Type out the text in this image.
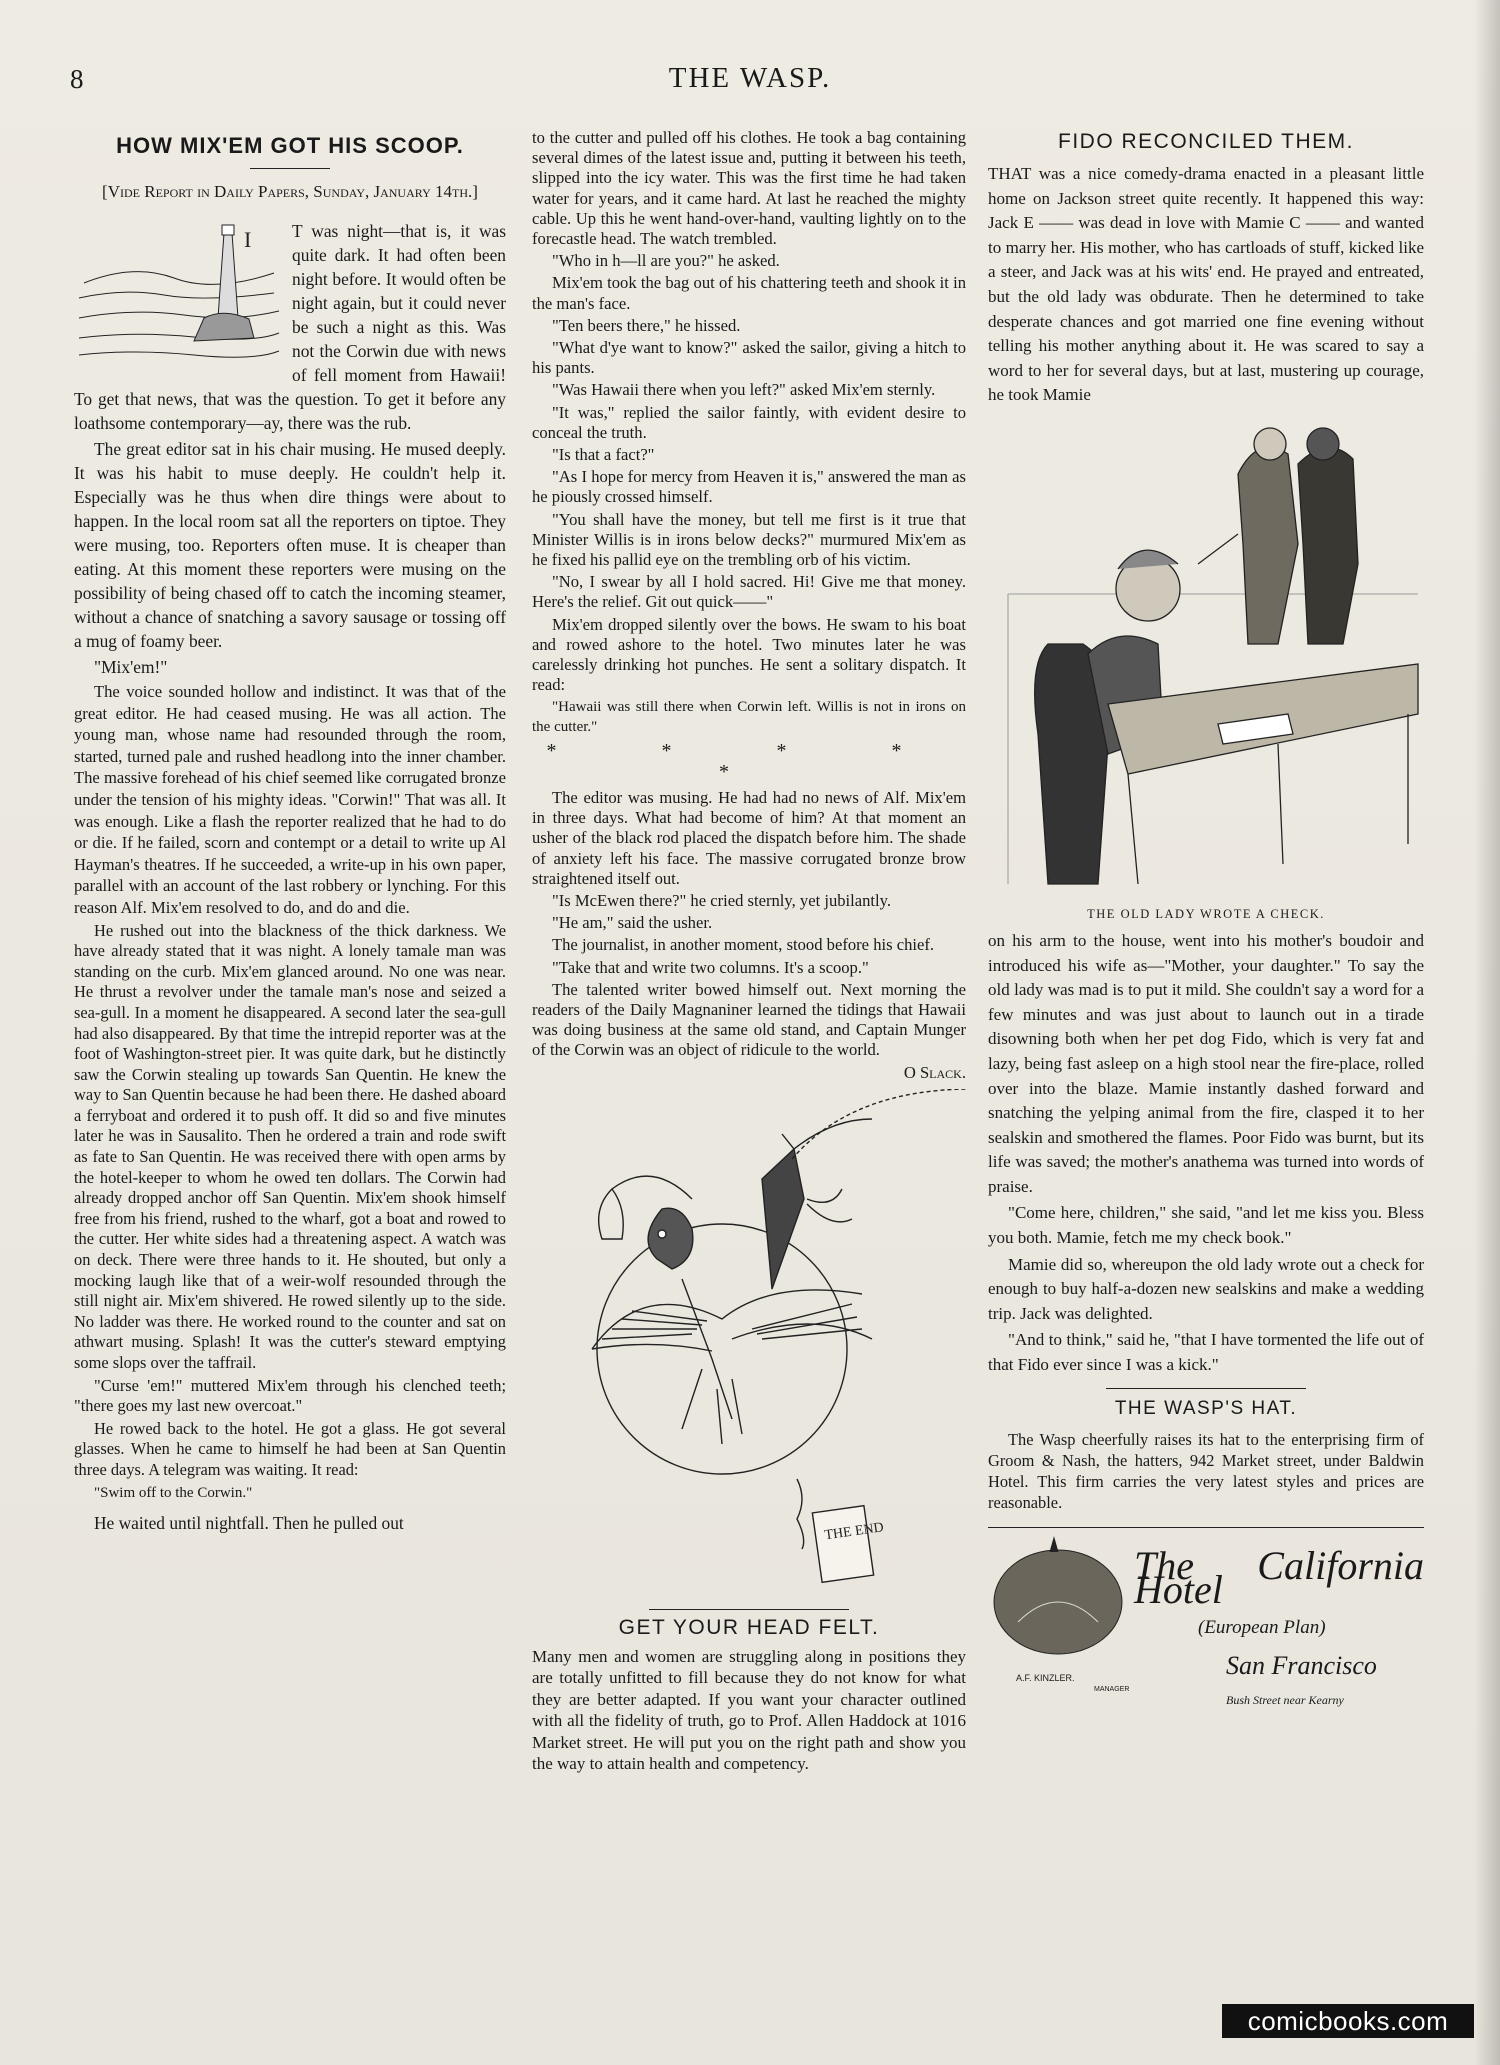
8	THE WASP.
HOW MIX'EM GOT HIS SCOOP.
[Vide Report in Daily Papers, Sunday, January 14th.]
I	T was night—that is, it was quite dark. It had often been night before. It would often be night again, but it could never be such a night as this. Was not the Corwin due with news of fell moment from Hawaii! To get that news, that was the question. To get it before any loathsome contemporary—ay, there was the rub.

The great editor sat in his chair musing. He mused deeply. It was his habit to muse deeply. He couldn't help it. Especially was he thus when dire things were about to happen. In the local room sat all the reporters on tiptoe. They were musing, too. Reporters often muse. It is cheaper than eating. At this moment these reporters were musing on the possibility of being chased off to catch the incoming steamer, without a chance of snatching a savory sausage or tossing off a mug of foamy beer.

"Mix'em!"

The voice sounded hollow and indistinct. It was that of the great editor. He had ceased musing. He was all action. The young man, whose name had resounded through the room, started, turned pale and rushed headlong into the inner chamber. The massive forehead of his chief seemed like corrugated bronze under the tension of his mighty ideas. "Corwin!" That was all. It was enough. Like a flash the reporter realized that he had to do or die. If he failed, scorn and contempt or a detail to write up Al Hayman's theatres. If he succeeded, a write-up in his own paper, parallel with an account of the last robbery or lynching. For this reason Alf. Mix'em resolved to do, and do and die.

He rushed out into the blackness of the thick darkness. We have already stated that it was night. A lonely tamale man was standing on the curb. Mix'em glanced around. No one was near. He thrust a revolver under the tamale man's nose and seized a sea-gull. In a moment he disappeared. A second later the sea-gull had also disappeared. By that time the intrepid reporter was at the foot of Washington-street pier. It was quite dark, but he distinctly saw the Corwin stealing up towards San Quentin. He knew the way to San Quentin because he had been there. He dashed aboard a ferryboat and ordered it to push off. It did so and five minutes later he was in Sausalito. Then he ordered a train and rode swift as fate to San Quentin. He was received there with open arms by the hotel-keeper to whom he owed ten dollars. The Corwin had already dropped anchor off San Quentin. Mix'em shook himself free from his friend, rushed to the wharf, got a boat and rowed to the cutter. Her white sides had a threatening aspect. A watch was on deck. There were three hands to it. He shouted, but only a mocking laugh like that of a weir-wolf resounded through the still night air. Mix'em shivered. He rowed silently up to the side. No ladder was there. He worked round to the counter and sat on athwart musing. Splash! It was the cutter's steward emptying some slops over the taffrail.

"Curse 'em!" muttered Mix'em through his clenched teeth; "there goes my last new overcoat."

He rowed back to the hotel. He got a glass. He got several glasses. When he came to himself he had been at San Quentin three days. A telegram was waiting. It read:

"Swim off to the Corwin."

He waited until nightfall. Then he pulled out

to the cutter and pulled off his clothes. He took a bag containing several dimes of the latest issue and, putting it between his teeth, slipped into the icy water. This was the first time he had taken water for years, and it came hard. At last he reached the mighty cable. Up this he went hand-over-hand, vaulting lightly on to the forecastle head. The watch trembled.

"Who in h—ll are you?" he asked.

Mix'em took the bag out of his chattering teeth and shook it in the man's face.

"Ten beers there," he hissed.

"What d'ye want to know?" asked the sailor, giving a hitch to his pants.

"Was Hawaii there when you left?" asked Mix'em sternly.

"It was," replied the sailor faintly, with evident desire to conceal the truth.

"Is that a fact?"

"As I hope for mercy from Heaven it is," answered the man as he piously crossed himself.

"You shall have the money, but tell me first is it true that Minister Willis is in irons below decks?" murmured Mix'em as he fixed his pallid eye on the trembling orb of his victim.

"No, I swear by all I hold sacred. Hi! Give me that money. Here's the relief. Git out quick——"

Mix'em dropped silently over the bows. He swam to his boat and rowed ashore to the hotel. Two minutes later he was carelessly drinking hot punches. He sent a solitary dispatch. It read:

"Hawaii was still there when Corwin left. Willis is not in irons on the cutter."

* * * * *

The editor was musing. He had had no news of Alf. Mix'em in three days. What had become of him? At that moment an usher of the black rod placed the dispatch before him. The shade of anxiety left his face. The massive corrugated bronze brow straightened itself out.

"Is McEwen there?" he cried sternly, yet jubilantly.

"He am," said the usher.

The journalist, in another moment, stood before his chief.

"Take that and write two columns. It's a scoop."

The talented writer bowed himself out. Next morning the readers of the Daily Magnaniner learned the tidings that Hawaii was doing business at the same old stand, and Captain Munger of the Corwin was an object of ridicule to the world.

O Slack.
THE END
GET YOUR HEAD FELT.

Many men and women are struggling along in positions they are totally unfitted to fill because they do not know for what they are better adapted. If you want your character outlined with all the fidelity of truth, go to Prof. Allen Haddock at 1016 Market street. He will put you on the right path and show you the way to attain health and competency.

FIDO RECONCILED THEM.

THAT was a nice comedy-drama enacted in a pleasant little home on Jackson street quite recently. It happened this way: Jack E —— was dead in love with Mamie C —— and wanted to marry her. His mother, who has cartloads of stuff, kicked like a steer, and Jack was at his wits' end. He prayed and entreated, but the old lady was obdurate. Then he determined to take desperate chances and got married one fine evening without telling his mother anything about it. He was scared to say a word to her for several days, but at last, mustering up courage, he took Mamie

THE OLD LADY WROTE A CHECK.

on his arm to the house, went into his mother's boudoir and introduced his wife as—"Mother, your daughter." To say the old lady was mad is to put it mild. She couldn't say a word for a few minutes and was just about to launch out in a tirade disowning both when her pet dog Fido, which is very fat and lazy, being fast asleep on a high stool near the fire-place, rolled over into the blaze. Mamie instantly dashed forward and snatching the yelping animal from the fire, clasped it to her sealskin and smothered the flames. Poor Fido was burnt, but its life was saved; the mother's anathema was turned into words of praise.

"Come here, children," she said, "and let me kiss you. Bless you both. Mamie, fetch me my check book."

Mamie did so, whereupon the old lady wrote out a check for enough to buy half-a-dozen new sealskins and make a wedding trip. Jack was delighted.

"And to think," said he, "that I have tormented the life out of that Fido ever since I was a kick."

THE WASP'S HAT.

The Wasp cheerfully raises its hat to the enterprising firm of Groom & Nash, the hatters, 942 Market street, under Baldwin Hotel. This firm carries the very latest styles and prices are reasonable.

The California Hotel
(European Plan)
San Francisco
Bush Street near Kearny
A.F. KINZLER.
MANAGER
comicbooks.com
